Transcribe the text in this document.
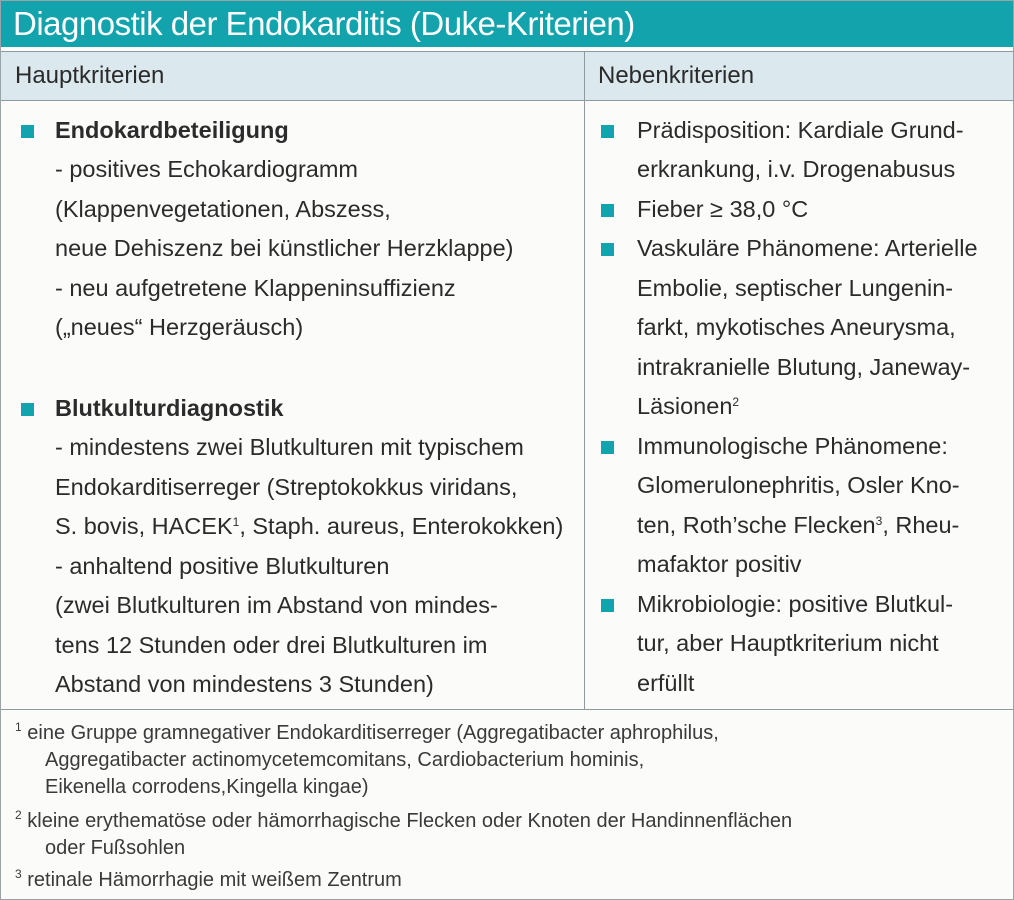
Diagnostik der Endokarditis (Duke-Kriterien)
Hauptkriterien	Nebenkriterien
Endokardbeteiligung
- positives Echokardiogramm
(Klappenvegetationen, Abszess,
neue Dehiszenz bei künstlicher Herzklappe)
- neu aufgetretene Klappeninsuffizienz
(„neues“ Herzgeräusch)
Blutkulturdiagnostik
- mindestens zwei Blutkulturen mit typischem
Endokarditiserreger (Streptokokkus viridans,
S. bovis, HACEK$^1$, Staph. aureus, Enterokokken)
- anhaltend positive Blutkulturen
(zwei Blutkulturen im Abstand von mindes-
tens 12 Stunden oder drei Blutkulturen im
Abstand von mindestens 3 Stunden)
Prädisposition: Kardiale Grund-
erkrankung, i.v. Drogenabusus
Fieber ≥ 38,0 °C
Vaskuläre Phänomene: Arterielle
Embolie, septischer Lungenin-
farkt, mykotisches Aneurysma,
intrakranielle Blutung, Janeway-
Läsionen$^2$
Immunologische Phänomene:
Glomerulonephritis, Osler Kno-
ten, Roth’sche Flecken$^3$, Rheu-
mafaktor positiv
Mikrobiologie: positive Blutkul-
tur, aber Hauptkriterium nicht
erfüllt
$^1$ eine Gruppe gramnegativer Endokarditiserreger (Aggregatibacter aphrophilus,
Aggregatibacter actinomycetemcomitans, Cardiobacterium hominis,
Eikenella corrodens,Kingella kingae)
$^2$ kleine erythematöse oder hämorrhagische Flecken oder Knoten der Handinnenflächen
oder Fußsohlen
$^3$ retinale Hämorrhagie mit weißem Zentrum
